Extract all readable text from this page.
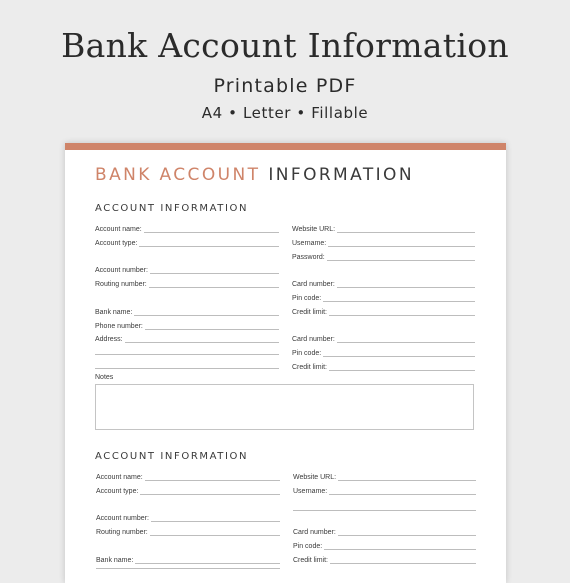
Bank Account Information
Printable PDF
A4 • Letter • Fillable
BANK ACCOUNT INFORMATION
ACCOUNT INFORMATION
Account name:
Account type:
Account number:
Routing number:
Bank name:
Phone number:
Address:
Website URL:
Username:
Password:
Card number:
Pin code:
Credit limit:
Card number:
Pin code:
Credit limit:
Notes
ACCOUNT INFORMATION
Account name:
Account type:
Account number:
Routing number:
Bank name:
Website URL:
Username:
Card number:
Pin code:
Credit limit:
